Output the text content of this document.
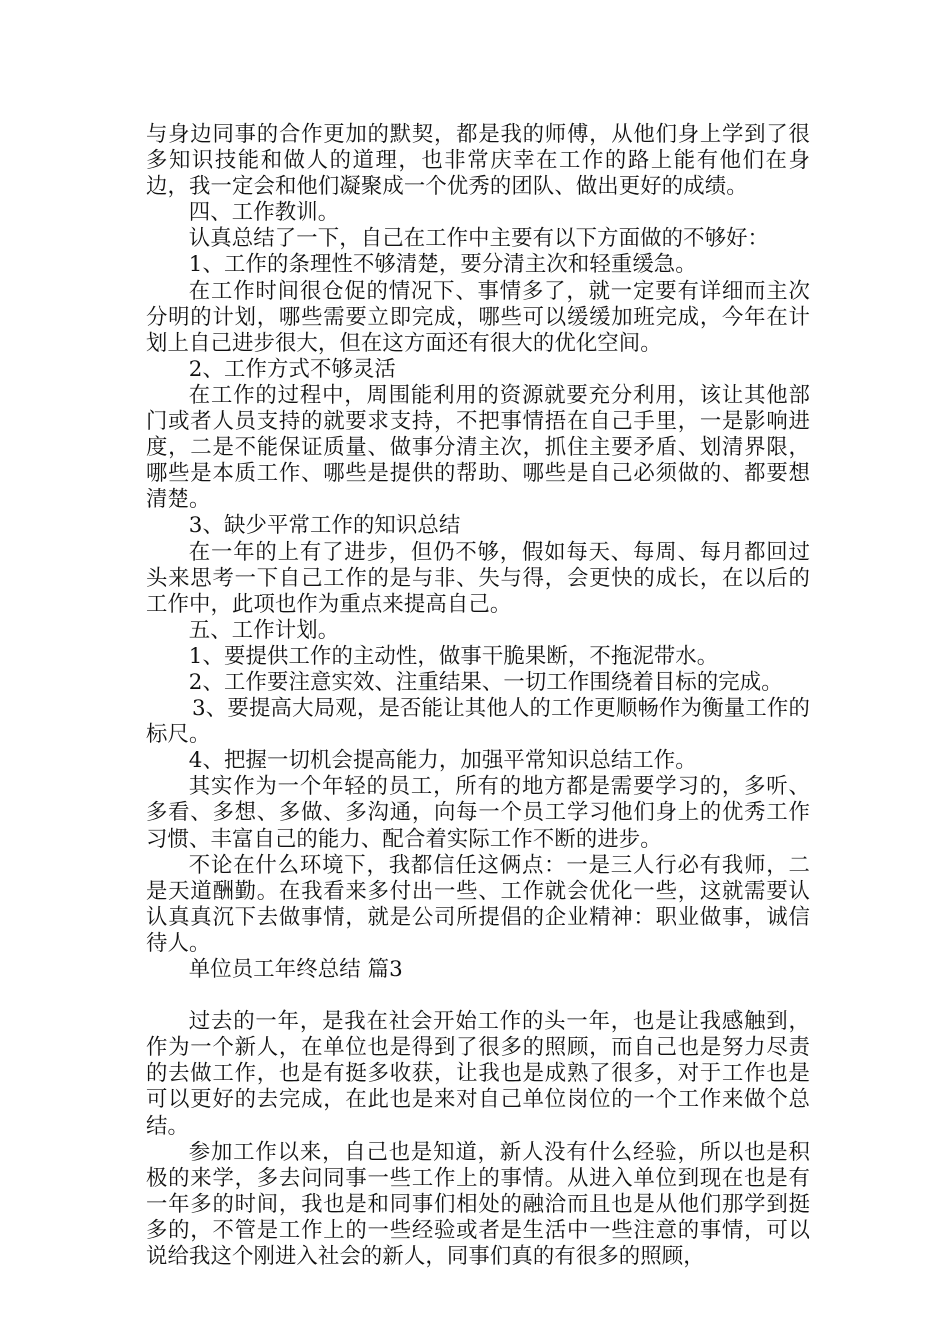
与身边同事的合作更加的默契，都是我的师傅，从他们身上学到了很多知识技能和做人的道理，也非常庆幸在工作的路上能有他们在身边，我一定会和他们凝聚成一个优秀的团队、做出更好的成绩。

四、工作教训。

认真总结了一下，自己在工作中主要有以下方面做的不够好：

1、工作的条理性不够清楚，要分清主次和轻重缓急。

在工作时间很仓促的情况下、事情多了，就一定要有详细而主次分明的计划，哪些需要立即完成，哪些可以缓缓加班完成，今年在计划上自己进步很大，但在这方面还有很大的优化空间。

2、工作方式不够灵活

在工作的过程中，周围能利用的资源就要充分利用，该让其他部门或者人员支持的就要求支持，不把事情捂在自己手里，一是影响进度，二是不能保证质量、做事分清主次，抓住主要矛盾、划清界限，哪些是本质工作、哪些是提供的帮助、哪些是自己必须做的、都要想清楚。

3、缺少平常工作的知识总结

在一年的上有了进步，但仍不够，假如每天、每周、每月都回过头来思考一下自己工作的是与非、失与得，会更快的成长，在以后的工作中，此项也作为重点来提高自己。

五、工作计划。

1、要提供工作的主动性，做事干脆果断，不拖泥带水。

2、工作要注意实效、注重结果、一切工作围绕着目标的完成。

3、要提高大局观，是否能让其他人的工作更顺畅作为衡量工作的标尺。

4、把握一切机会提高能力，加强平常知识总结工作。

其实作为一个年轻的员工，所有的地方都是需要学习的，多听、多看、多想、多做、多沟通，向每一个员工学习他们身上的优秀工作习惯、丰富自己的能力、配合着实际工作不断的进步。

不论在什么环境下，我都信任这俩点：一是三人行必有我师，二是天道酬勤。在我看来多付出一些、工作就会优化一些，这就需要认认真真沉下去做事情，就是公司所提倡的企业精神：职业做事，诚信待人。

单位员工年终总结 篇3

过去的一年，是我在社会开始工作的头一年，也是让我感触到，作为一个新人，在单位也是得到了很多的照顾，而自己也是努力尽责的去做工作，也是有挺多收获，让我也是成熟了很多，对于工作也是可以更好的去完成，在此也是来对自己单位岗位的一个工作来做个总结。

参加工作以来，自己也是知道，新人没有什么经验，所以也是积极的来学，多去问同事一些工作上的事情。从进入单位到现在也是有一年多的时间，我也是和同事们相处的融洽而且也是从他们那学到挺多的，不管是工作上的一些经验或者是生活中一些注意的事情，可以说给我这个刚进入社会的新人，同事们真的有很多的照顾，
